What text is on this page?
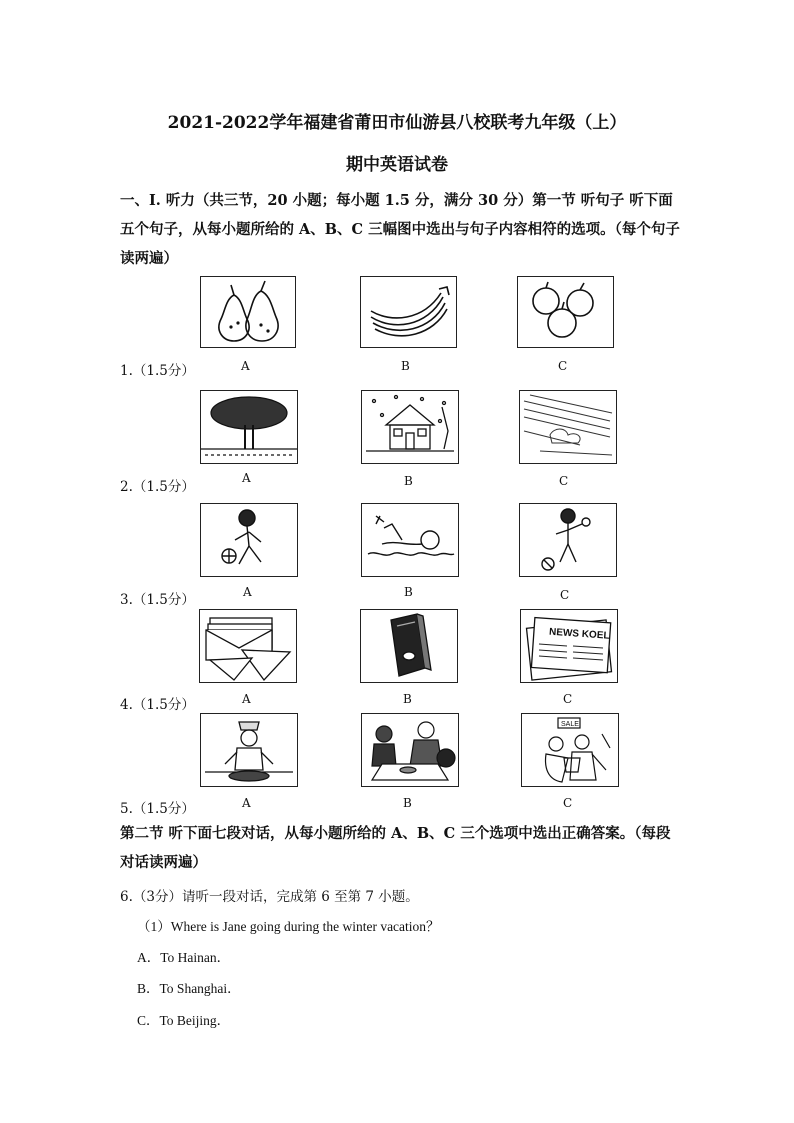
2021-2022学年福建省莆田市仙游县八校联考九年级（上）
期中英语试卷
一、Ⅰ. 听力（共三节，20 小题；每小题 1.5 分，满分 30 分）第一节 听句子 听下面五个句子，从每小题所给的 A、B、C 三幅图中选出与句子内容相符的选项。（每个句子读两遍）
1.（1.5分）
2.（1.5分）
3.（1.5分）
4.（1.5分）
5.（1.5分）
A	B	C
A	B	C
A	B	C
NEWS KOEL
A	B	C
SALE
A	B	C
第二节 听下面七段对话，从每小题所给的 A、B、C 三个选项中选出正确答案。（每段对话读两遍）
6.（3分）请听一段对话，完成第 6 至第 7 小题。
（1）Where is Jane going during the winter vacation？
A．To Hainan．
B．To Shanghai．
C．To Beijing．
